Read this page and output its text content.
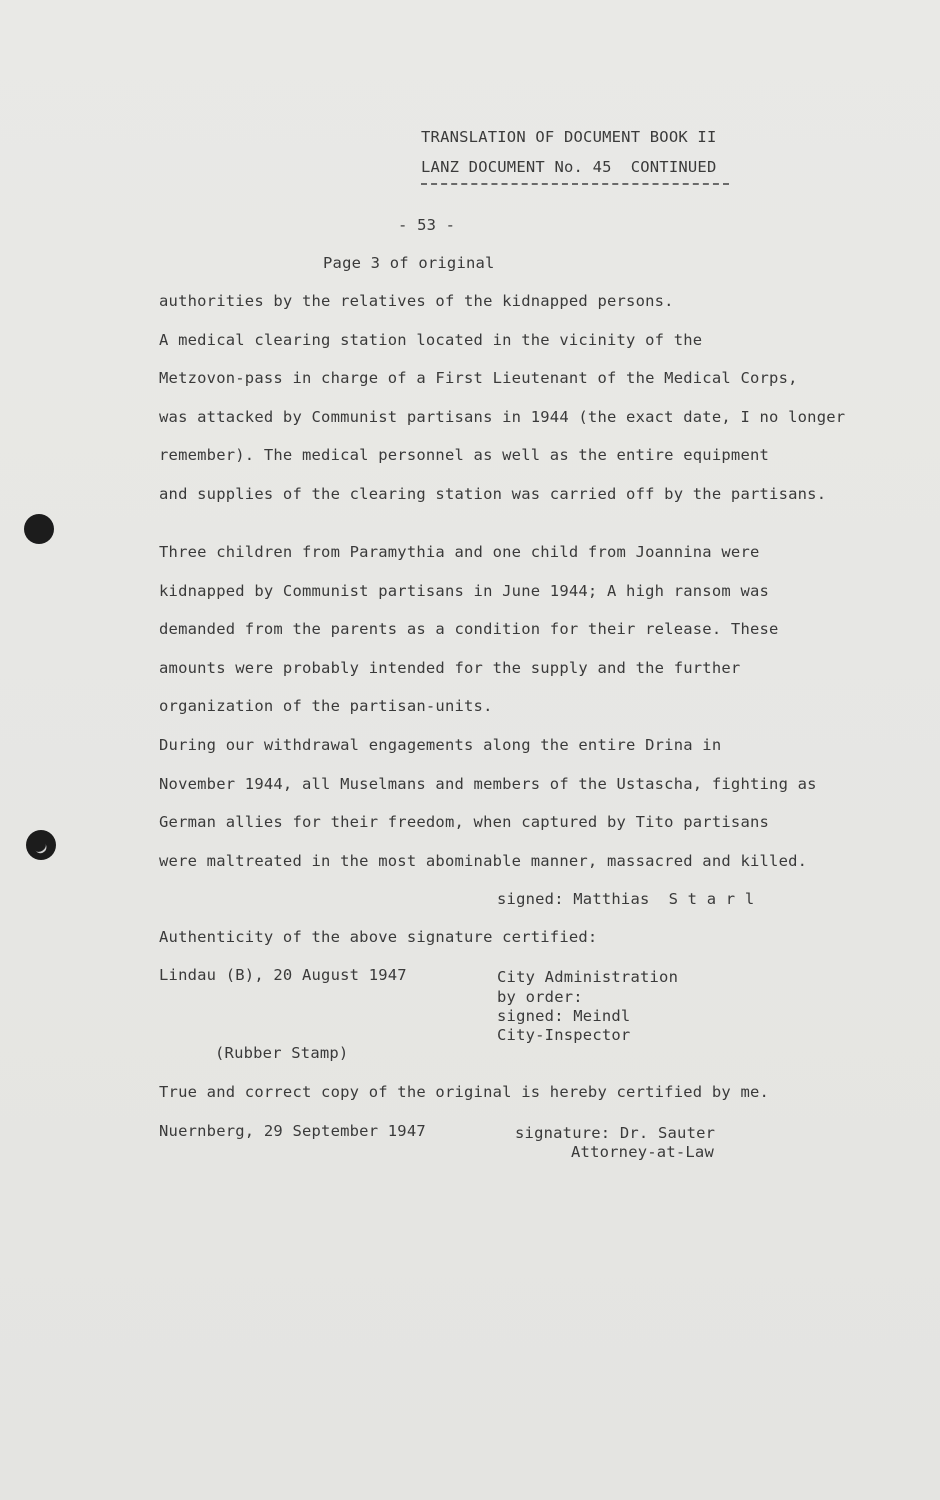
TRANSLATION OF DOCUMENT BOOK II
LANZ DOCUMENT No. 45  CONTINUED
- 53 -
Page 3 of original
authorities by the relatives of the kidnapped persons.
A medical clearing station located in the vicinity of the
Metzovon-pass in charge of a First Lieutenant of the Medical Corps,
was attacked by Communist partisans in 1944 (the exact date, I no longer
remember). The medical personnel as well as the entire equipment
and supplies of the clearing station was carried off by the partisans.
Three children from Paramythia and one child from Joannina were
kidnapped by Communist partisans in June 1944; A high ransom was
demanded from the parents as a condition for their release. These
amounts were probably intended for the supply and the further
organization of the partisan-units.
During our withdrawal engagements along the entire Drina in
November 1944, all Muselmans and members of the Ustascha, fighting as
German allies for their freedom, when captured by Tito partisans
were maltreated in the most abominable manner, massacred and killed.
signed: Matthias  S t a r l
Authenticity of the above signature certified:
Lindau (B), 20 August 1947	City Administration
by order:
signed: Meindl
City-Inspector
(Rubber Stamp)
True and correct copy of the original is hereby certified by me.
Nuernberg, 29 September 1947	signature: Dr. Sauter
Attorney-at-Law
